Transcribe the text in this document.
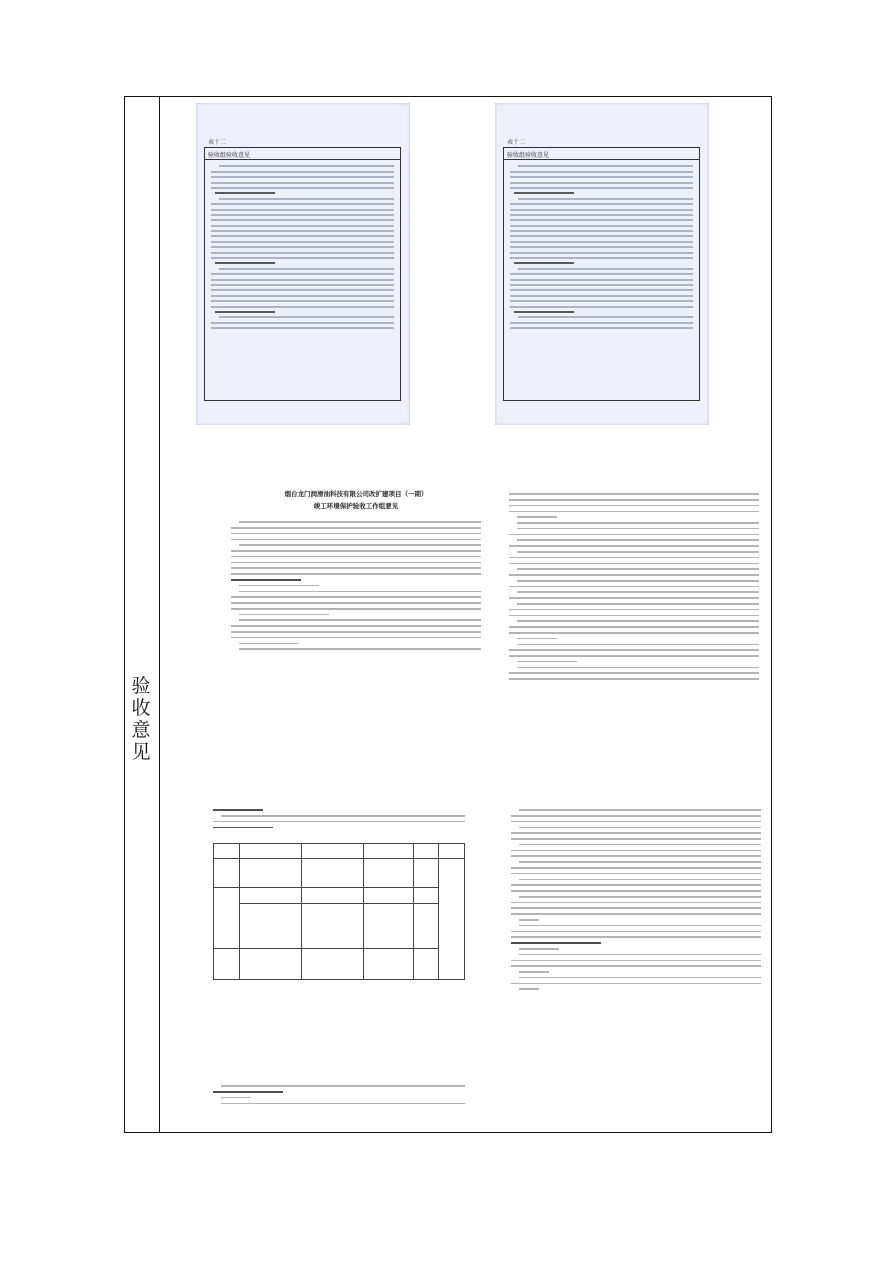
验
收
意
见
表十二
验收组验收意见
表十二
验收组验收意见
烟台龙门润滑油科技有限公司改扩建项目（一期）
竣工环境保护验收工作组意见
